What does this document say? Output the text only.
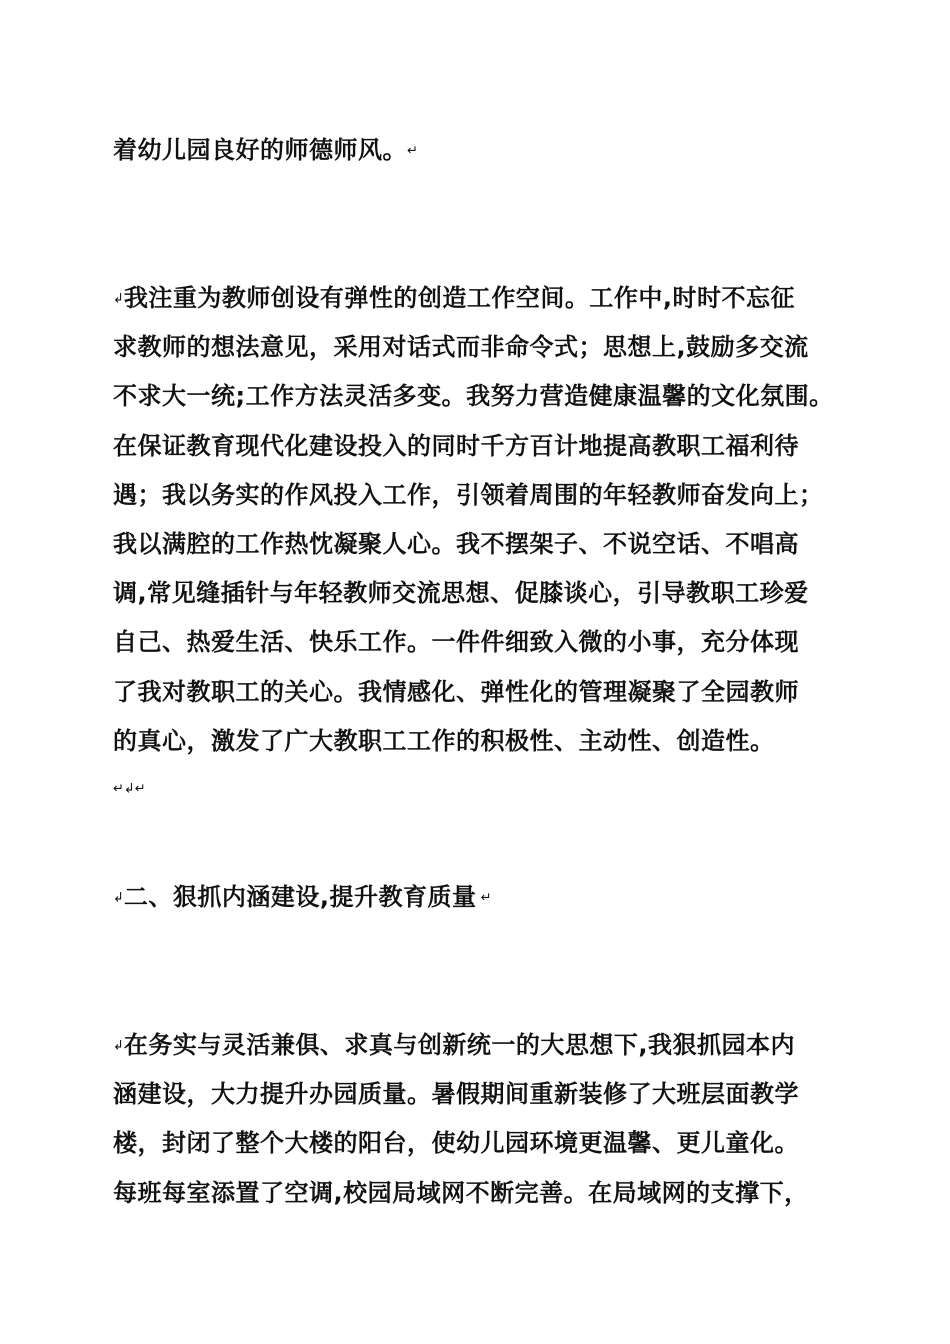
着幼儿园良好的师德师风。↵
↲我注重为教师创设有弹性的创造工作空间。工作中,时时不忘征
求教师的想法意见，采用对话式而非命令式；思想上,鼓励多交流
不求大一统;工作方法灵活多变。我努力营造健康温馨的文化氛围。
在保证教育现代化建设投入的同时千方百计地提高教职工福利待
遇；我以务实的作风投入工作，引领着周围的年轻教师奋发向上；
我以满腔的工作热忱凝聚人心。我不摆架子、不说空话、不唱高
调,常见缝插针与年轻教师交流思想、促膝谈心，引导教职工珍爱
自己、热爱生活、快乐工作。一件件细致入微的小事，充分体现
了我对教职工的关心。我情感化、弹性化的管理凝聚了全园教师
的真心，激发了广大教职工工作的积极性、主动性、创造性。
↵↲↵
↲二、狠抓内涵建设,提升教育质量 ↵
↲在务实与灵活兼俱、求真与创新统一的大思想下,我狠抓园本内
涵建设，大力提升办园质量。暑假期间重新装修了大班层面教学
楼，封闭了整个大楼的阳台，使幼儿园环境更温馨、更儿童化。
每班每室添置了空调,校园局域网不断完善。在局域网的支撑下，
